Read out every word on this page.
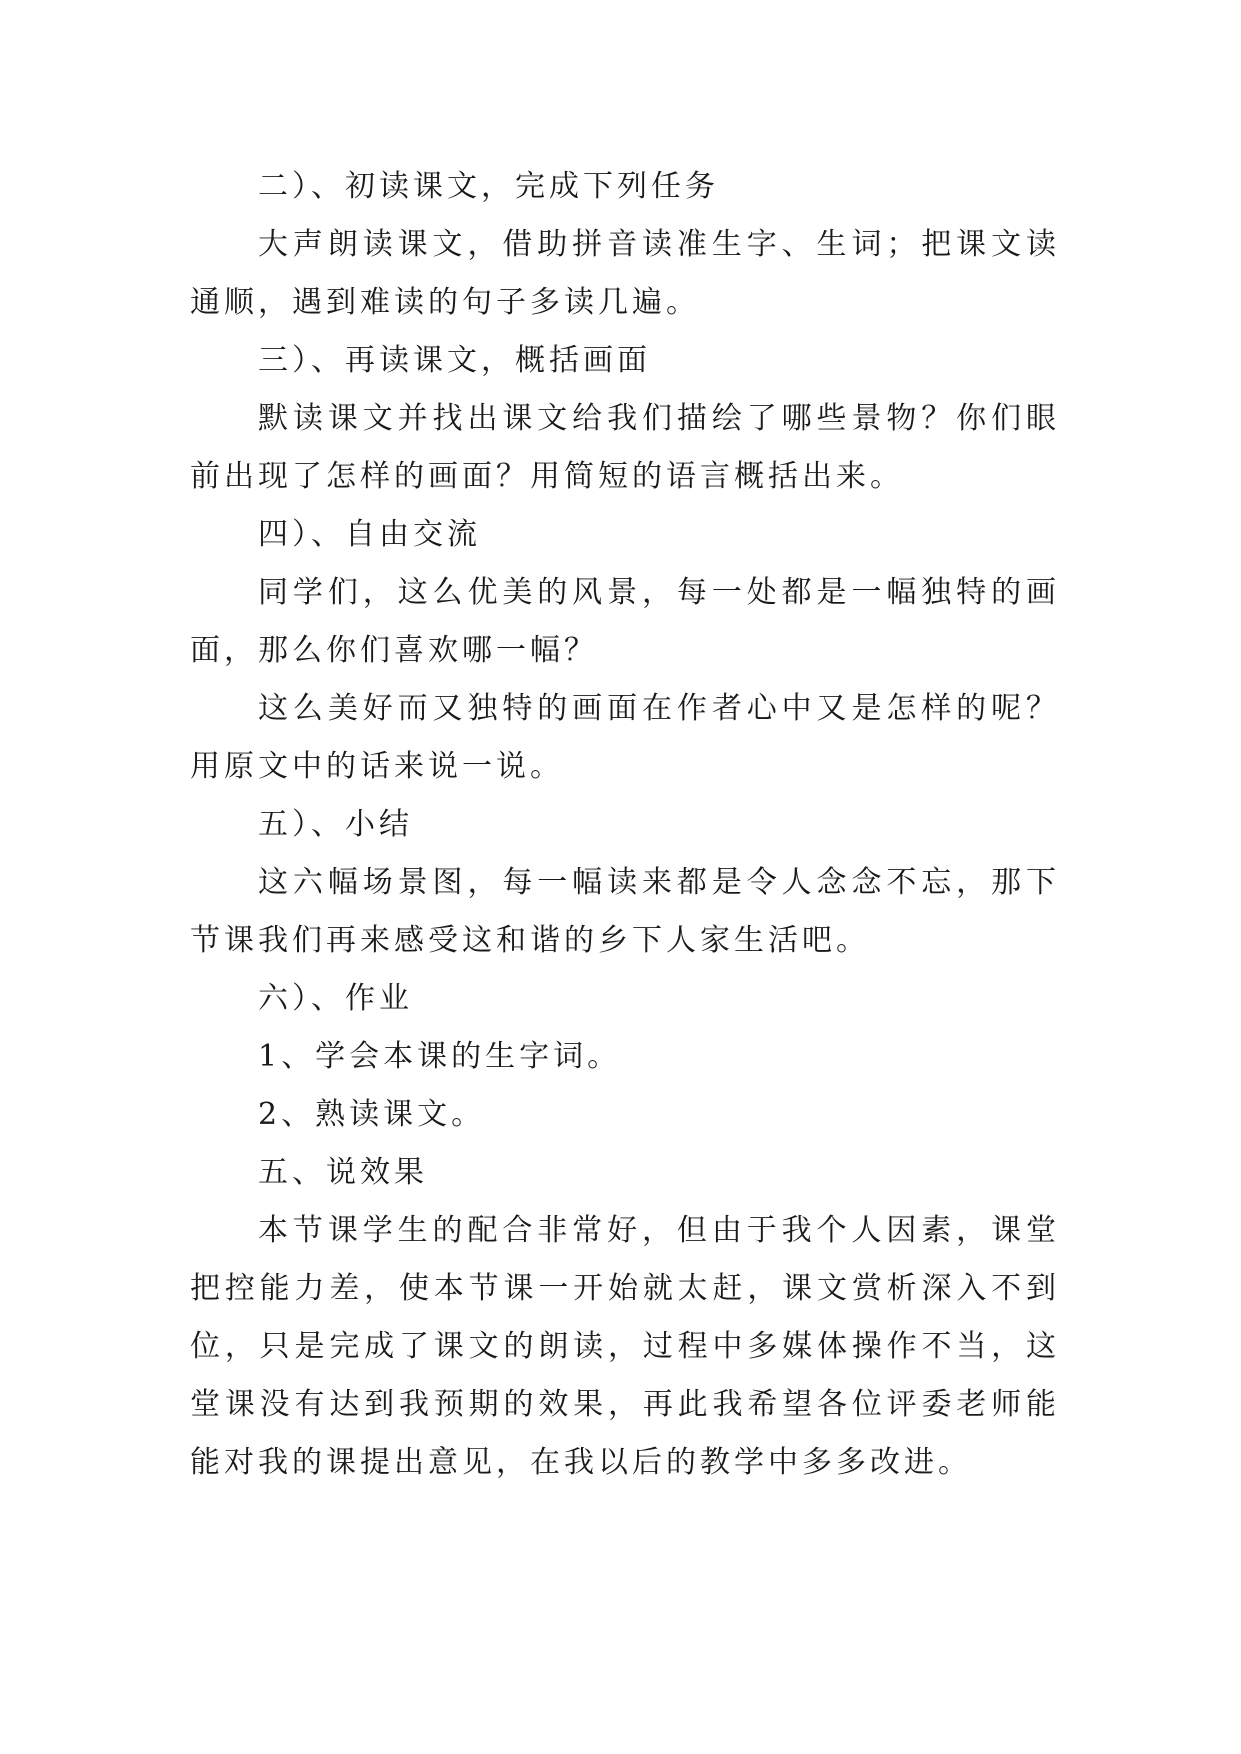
二）、初读课文，完成下列任务

大声朗读课文，借助拼音读准生字、生词；把课文读通顺，遇到难读的句子多读几遍。

三）、再读课文，概括画面

默读课文并找出课文给我们描绘了哪些景物？你们眼前出现了怎样的画面？用简短的语言概括出来。

四）、自由交流

同学们，这么优美的风景，每一处都是一幅独特的画面，那么你们喜欢哪一幅？

这么美好而又独特的画面在作者心中又是怎样的呢？用原文中的话来说一说。

五）、小结

这六幅场景图，每一幅读来都是令人念念不忘，那下节课我们再来感受这和谐的乡下人家生活吧。

六）、作业

1、学会本课的生字词。

2、熟读课文。

五、说效果

本节课学生的配合非常好，但由于我个人因素，课堂把控能力差，使本节课一开始就太赶，课文赏析深入不到位，只是完成了课文的朗读，过程中多媒体操作不当，这堂课没有达到我预期的效果，再此我希望各位评委老师能能对我的课提出意见，在我以后的教学中多多改进。
